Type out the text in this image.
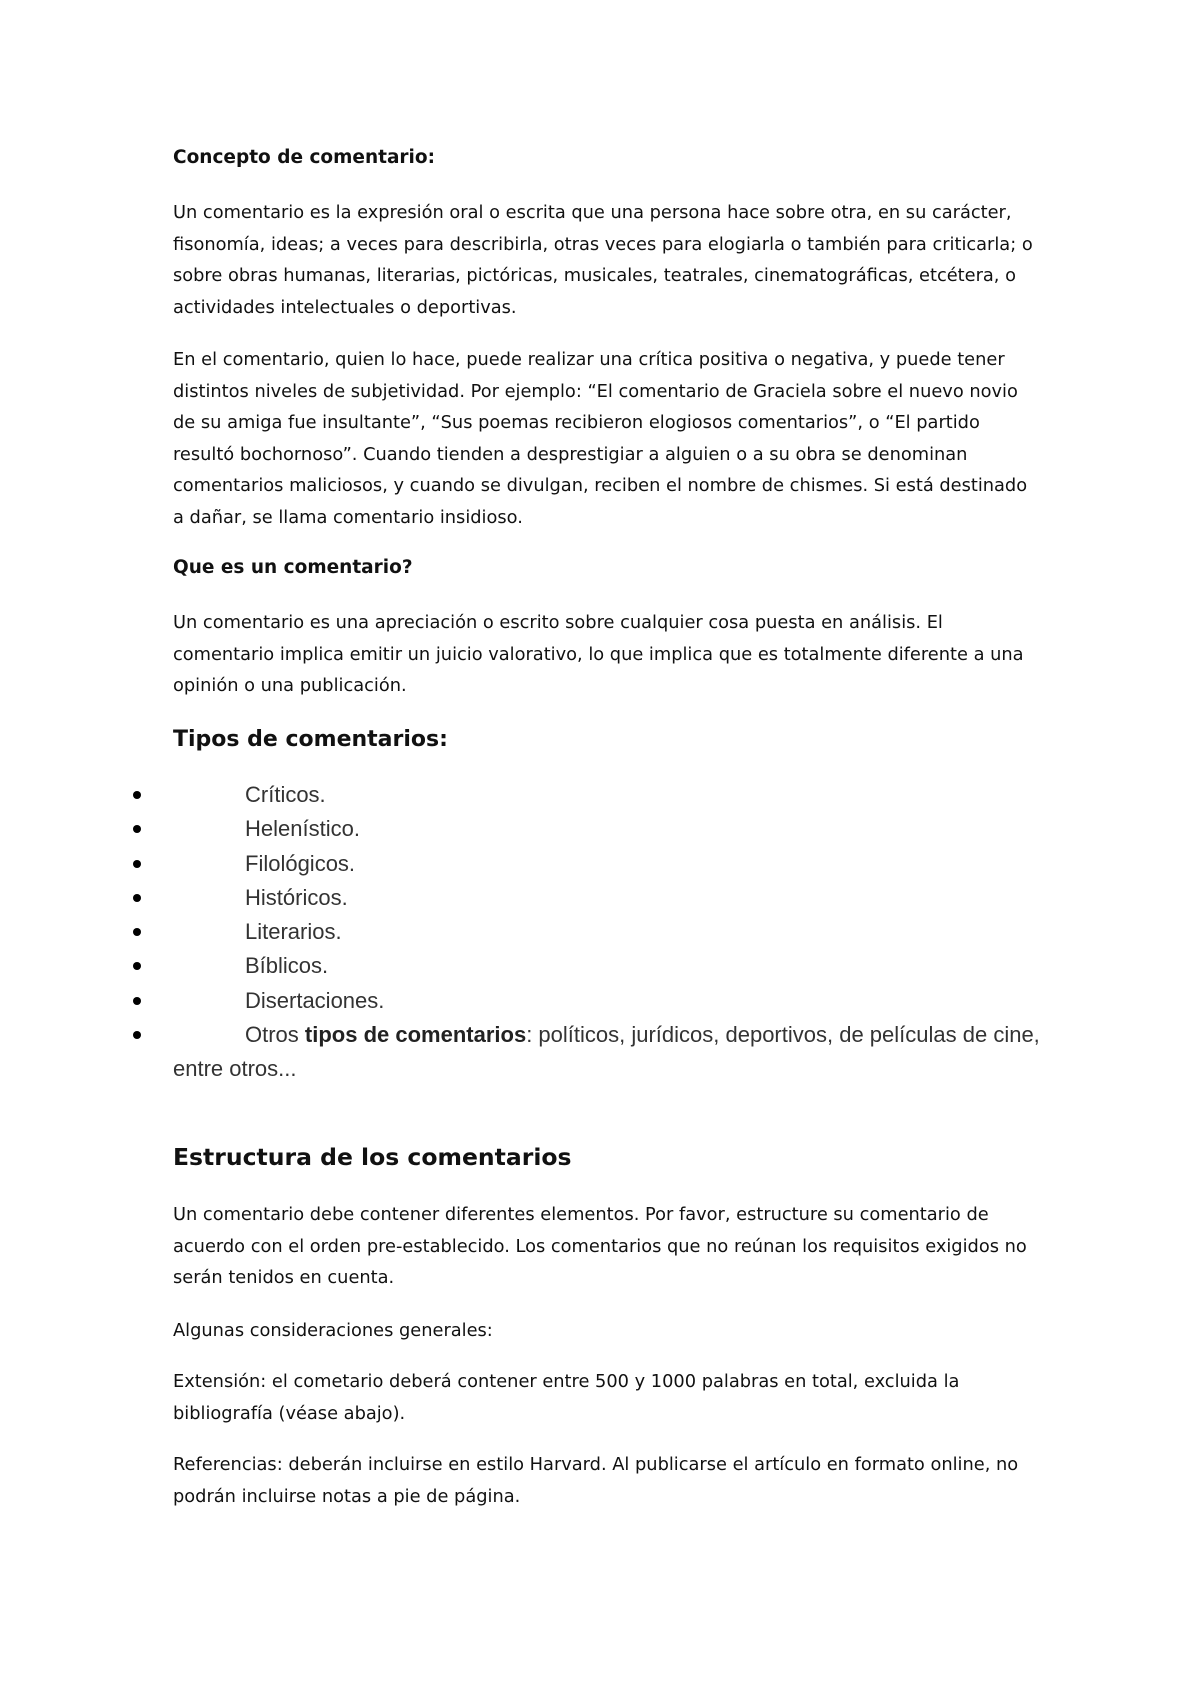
Concepto de comentario:

Un comentario es la expresión oral o escrita que una persona hace sobre otra, en su carácter, fisonomía, ideas; a veces para describirla, otras veces para elogiarla o también para criticarla; o sobre obras humanas, literarias, pictóricas, musicales, teatrales, cinematográficas, etcétera, o actividades intelectuales o deportivas.

En el comentario, quien lo hace, puede realizar una crítica positiva o negativa, y puede tener distintos niveles de subjetividad. Por ejemplo: “El comentario de Graciela sobre el nuevo novio de su amiga fue insultante”, “Sus poemas recibieron elogiosos comentarios”, o “El partido resultó bochornoso”. Cuando tienden a desprestigiar a alguien o a su obra se denominan comentarios maliciosos, y cuando se divulgan, reciben el nombre de chismes. Si está destinado a dañar, se llama comentario insidioso.

Que es un comentario?

Un comentario es una apreciación o escrito sobre cualquier cosa puesta en análisis. El comentario implica emitir un juicio valorativo, lo que implica que es totalmente diferente a una opinión o una publicación.

Tipos de comentarios:
Críticos.
Helenístico.
Filológicos.
Históricos.
Literarios.
Bíblicos.
Disertaciones.
Otros tipos de comentarios: políticos, jurídicos, deportivos, de películas de cine, entre otros...
Estructura de los comentarios

Un comentario debe contener diferentes elementos. Por favor, estructure su comentario de acuerdo con el orden pre-establecido. Los comentarios que no reúnan los requisitos exigidos no serán tenidos en cuenta.

Algunas consideraciones generales:

Extensión: el cometario deberá contener entre 500 y 1000 palabras en total, excluida la bibliografía (véase abajo).

Referencias: deberán incluirse en estilo Harvard. Al publicarse el artículo en formato online, no podrán incluirse notas a pie de página.
